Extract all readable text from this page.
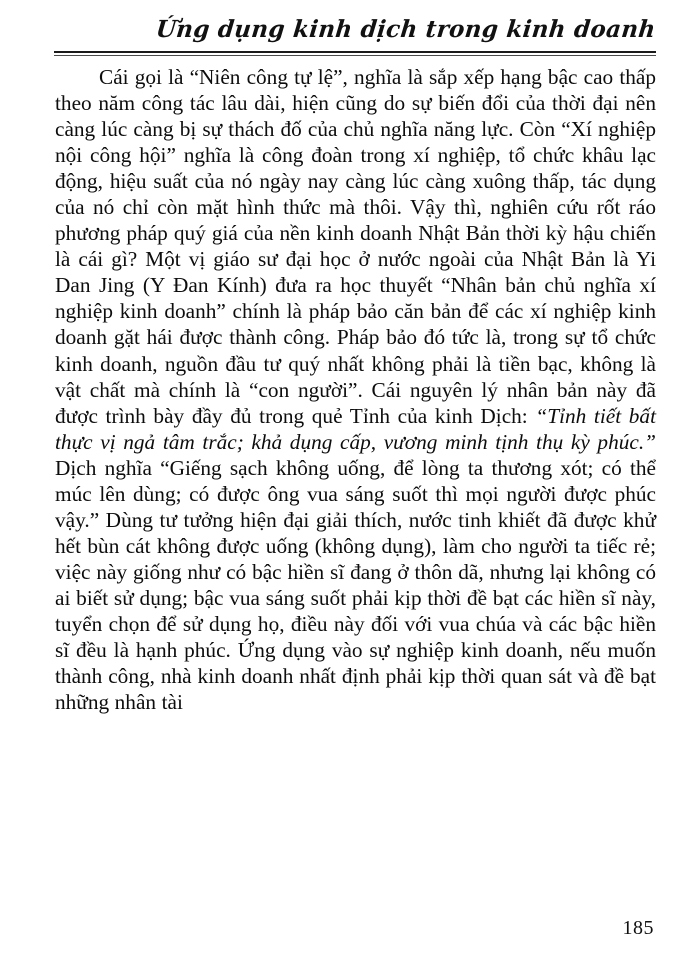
Ứng dụng kinh dịch trong kinh doanh

Cái gọi là “Niên công tự lệ”, nghĩa là sắp xếp hạng bậc cao thấp theo năm công tác lâu dài, hiện cũng do sự biến đổi của thời đại nên càng lúc càng bị sự thách đố của chủ nghĩa năng lực. Còn “Xí nghiệp nội công hội” nghĩa là công đoàn trong xí nghiệp, tổ chức khâu lạc động, hiệu suất của nó ngày nay càng lúc càng xuông thấp, tác dụng của nó chỉ còn mặt hình thức mà thôi. Vậy thì, nghiên cứu rốt ráo phương pháp quý giá của nền kinh doanh Nhật Bản thời kỳ hậu chiến là cái gì? Một vị giáo sư đại học ở nước ngoài của Nhật Bản là Yi Dan Jing (Y Đan Kính) đưa ra học thuyết “Nhân bản chủ nghĩa xí nghiệp kinh doanh” chính là pháp bảo căn bản để các xí nghiệp kinh doanh gặt hái được thành công. Pháp bảo đó tức là, trong sự tổ chức kinh doanh, nguồn đầu tư quý nhất không phải là tiền bạc, không là vật chất mà chính là “con người”. Cái nguyên lý nhân bản này đã được trình bày đầy đủ trong quẻ Tỉnh của kinh Dịch: “Tỉnh tiết bất thực vị ngả tâm trắc; khả dụng cấp, vương minh tịnh thụ kỳ phúc.” Dịch nghĩa “Giếng sạch không uống, để lòng ta thương xót; có thể múc lên dùng; có được ông vua sáng suốt thì mọi người được phúc vậy.” Dùng tư tưởng hiện đại giải thích, nước tinh khiết đã được khử hết bùn cát không được uống (không dụng), làm cho người ta tiếc rẻ; việc này giống như có bậc hiền sĩ đang ở thôn dã, nhưng lại không có ai biết sử dụng; bậc vua sáng suốt phải kịp thời đề bạt các hiền sĩ này, tuyển chọn để sử dụng họ, điều này đối với vua chúa và các bậc hiền sĩ đều là hạnh phúc. Ứng dụng vào sự nghiệp kinh doanh, nếu muốn thành công, nhà kinh doanh nhất định phải kịp thời quan sát và đề bạt những nhân tài

185
